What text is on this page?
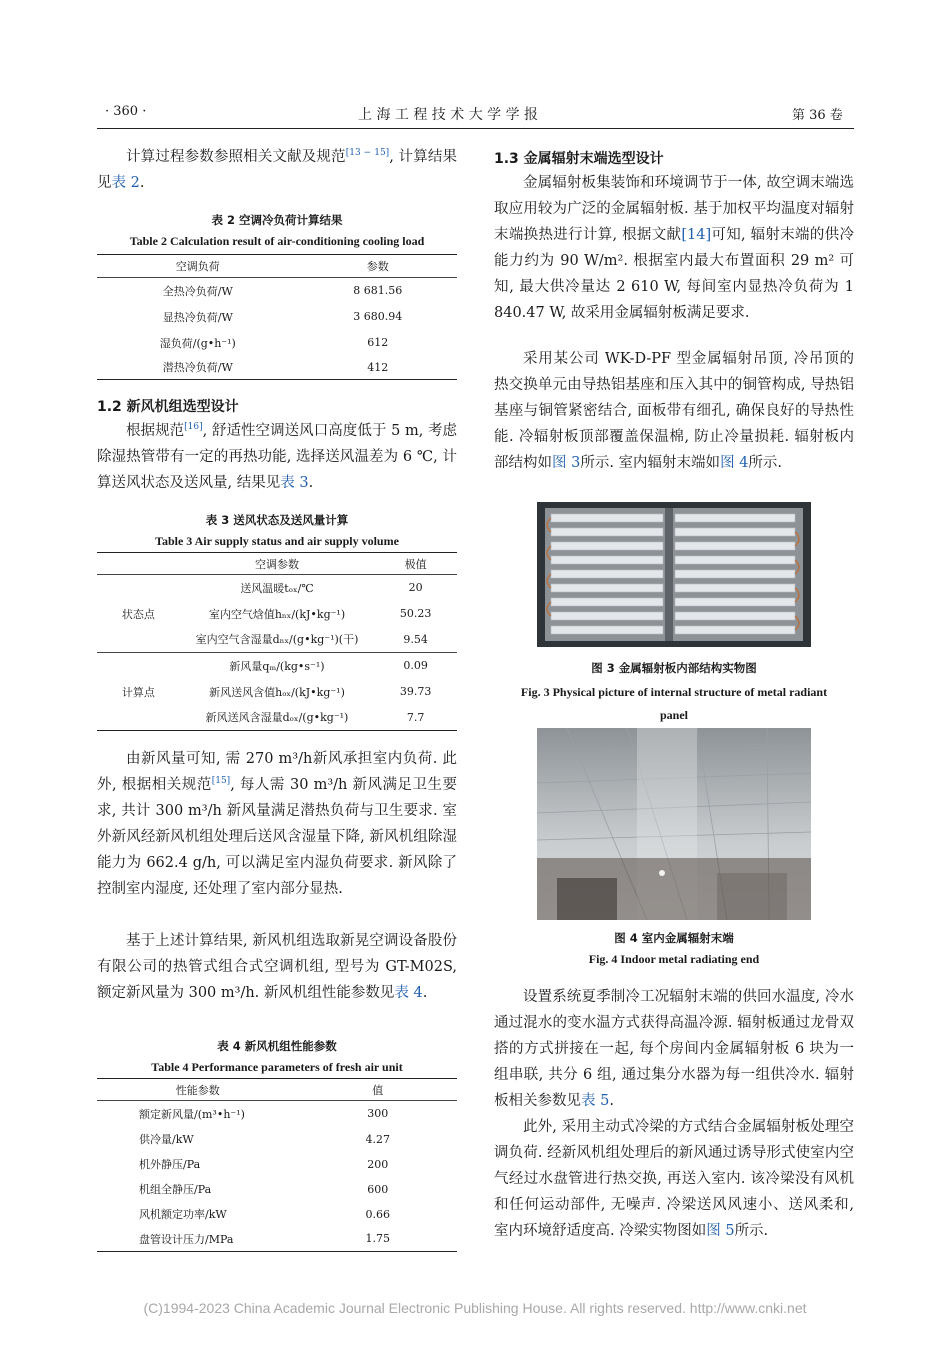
· 360 ·	上 海 工 程 技 术 大 学 学 报	第 36 卷

计算过程参数参照相关文献及规范[13 − 15], 计算结果见表 2.

表 2 空调冷负荷计算结果
Table 2 Calculation result of air-conditioning cooling load
空调负荷	参数
全热冷负荷/W	8 681.56
显热冷负荷/W	3 680.94
湿负荷/(g•h⁻¹)	612
潜热冷负荷/W	412
1.2 新风机组选型设计

根据规范[16], 舒适性空调送风口高度低于 5 m, 考虑除湿热管带有一定的再热功能, 选择送风温差为 6 ℃, 计算送风状态及送风量, 结果见表 3.

表 3 送风状态及送风量计算
Table 3 Air supply status and air supply volume
	空调参数	极值
状态点	送风温暖tₒₓ/℃	20
	室内空气焓值hₙₓ/(kJ•kg⁻¹)	50.23
	室内空气含湿量dₙₓ/(g•kg⁻¹)(干)	9.54
计算点	新风量qₘ/(kg•s⁻¹)	0.09
	新风送风含值hₒₓ/(kJ•kg⁻¹)	39.73
	新风送风含湿量dₒₓ/(g•kg⁻¹)	7.7

由新风量可知, 需 270 m³/h新风承担室内负荷. 此外, 根据相关规范[15], 每人需 30 m³/h 新风满足卫生要求, 共计 300 m³/h 新风量满足潜热负荷与卫生要求. 室外新风经新风机组处理后送风含湿量下降, 新风机组除湿能力为 662.4 g/h, 可以满足室内湿负荷要求. 新风除了控制室内湿度, 还处理了室内部分显热.

基于上述计算结果, 新风机组选取新晃空调设备股份有限公司的热管式组合式空调机组, 型号为 GT-M02S, 额定新风量为 300 m³/h. 新风机组性能参数见表 4.

表 4 新风机组性能参数
Table 4 Performance parameters of fresh air unit
性能参数	值
额定新风量/(m³•h⁻¹)	300
供冷量/kW	4.27
机外静压/Pa	200
机组全静压/Pa	600
风机额定功率/kW	0.66
盘管设计压力/MPa	1.75
1.3 金属辐射末端选型设计

金属辐射板集装饰和环境调节于一体, 故空调末端选取应用较为广泛的金属辐射板. 基于加权平均温度对辐射末端换热进行计算, 根据文献[14]可知, 辐射末端的供冷能力约为 90 W/m². 根据室内最大布置面积 29 m² 可知, 最大供冷量达 2 610 W, 每间室内显热冷负荷为 1 840.47 W, 故采用金属辐射板满足要求.

采用某公司 WK-D-PF 型金属辐射吊顶, 冷吊顶的热交换单元由导热铝基座和压入其中的铜管构成, 导热铝基座与铜管紧密结合, 面板带有细孔, 确保良好的导热性能. 冷辐射板顶部覆盖保温棉, 防止冷量损耗. 辐射板内部结构如图 3所示. 室内辐射末端如图 4所示.

图 3 金属辐射板内部结构实物图
Fig. 3 Physical picture of internal structure of metal radiant panel
图 4 室内金属辐射末端
Fig. 4 Indoor metal radiating end

设置系统夏季制冷工况辐射末端的供回水温度, 冷水通过混水的变水温方式获得高温冷源. 辐射板通过龙骨双搭的方式拼接在一起, 每个房间内金属辐射板 6 块为一组串联, 共分 6 组, 通过集分水器为每一组供冷水. 辐射板相关参数见表 5.

此外, 采用主动式冷梁的方式结合金属辐射板处理空调负荷. 经新风机组处理后的新风通过诱导形式使室内空气经过水盘管进行热交换, 再送入室内. 该冷梁没有风机和任何运动部件, 无噪声. 冷梁送风风速小、送风柔和, 室内环境舒适度高. 冷梁实物图如图 5所示.

(C)1994-2023 China Academic Journal Electronic Publishing House. All rights reserved. http://www.cnki.net
